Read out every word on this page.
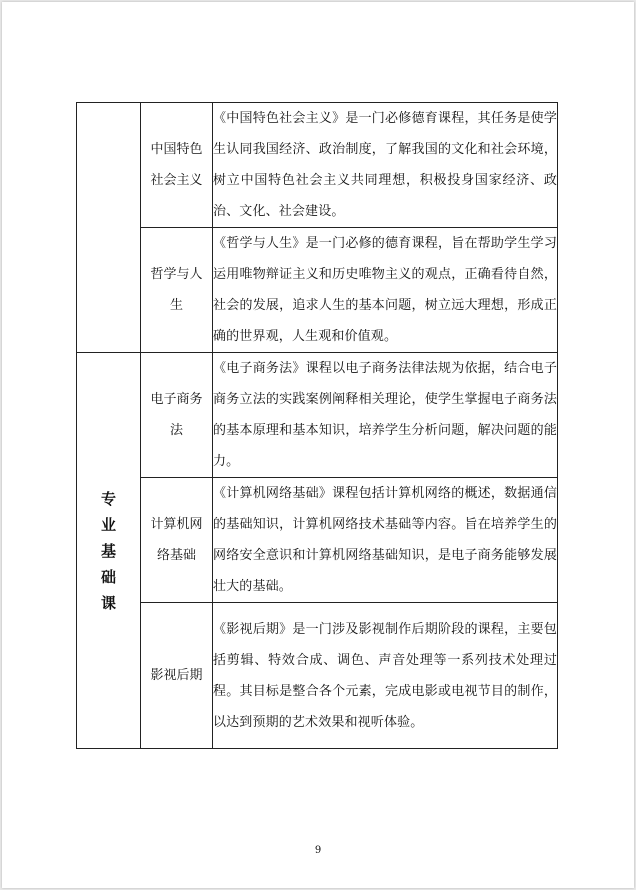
	中国特色社会主义	《中国特色社会主义》是一门必修德育课程，其任务是使学生认同我国经济、政治制度，了解我国的文化和社会环境，树立中国特色社会主义共同理想，积极投身国家经济、政治、文化、社会建设。

	哲学与人生	《哲学与人生》是一门必修的德育课程，旨在帮助学生学习运用唯物辩证主义和历史唯物主义的观点，正确看待自然，社会的发展，追求人生的基本问题，树立远大理想，形成正确的世界观，人生观和价值观。

专业基础课	电子商务法	《电子商务法》课程以电子商务法律法规为依据，结合电子商务立法的实践案例阐释相关理论，使学生掌握电子商务法的基本原理和基本知识，培养学生分析问题，解决问题的能力。

	计算机网络基础	《计算机网络基础》课程包括计算机网络的概述，数据通信的基础知识，计算机网络技术基础等内容。旨在培养学生的网络安全意识和计算机网络基础知识，是电子商务能够发展壮大的基础。

	影视后期	《影视后期》是一门涉及影视制作后期阶段的课程，主要包括剪辑、特效合成、调色、声音处理等一系列技术处理过程。其目标是整合各个元素，完成电影或电视节目的制作，以达到预期的艺术效果和视听体验。
9
